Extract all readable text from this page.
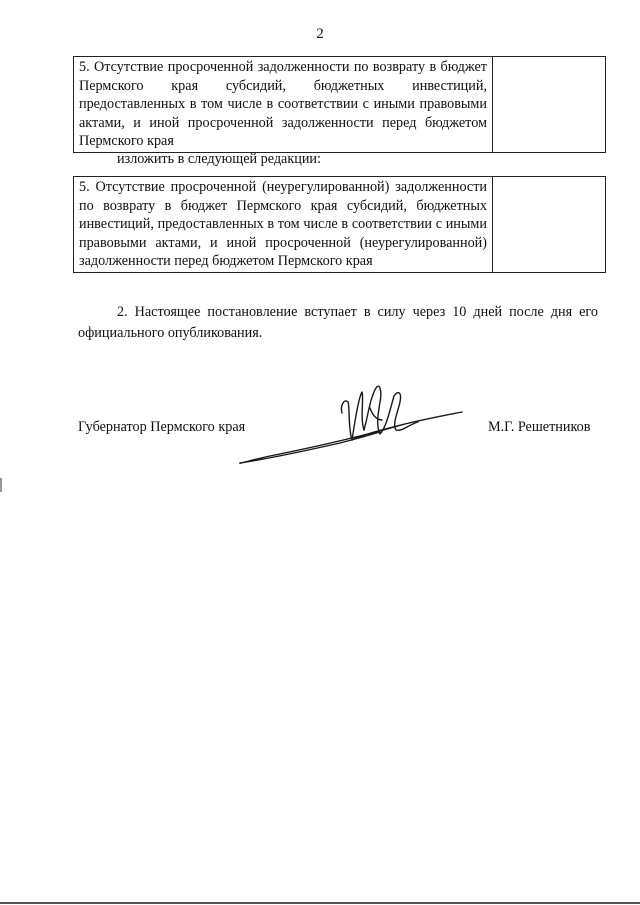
2
5. Отсутствие просроченной задолженности по возврату в бюджет Пермского края субсидий, бюджетных инвестиций, предоставленных в том числе в соответствии с иными правовыми актами, и иной просроченной задолженности перед бюджетом Пермского края	
изложить в следующей редакции:
5. Отсутствие просроченной (неурегулированной) задолженности по возврату в бюджет Пермского края субсидий, бюджетных инвестиций, предоставленных в том числе в соответствии с иными правовыми актами, и иной просроченной (неурегулированной) задолженности перед бюджетом Пермского края	
2. Настоящее постановление вступает в силу через 10 дней после дня его официального опубликования.
Губернатор Пермского края	М.Г. Решетников
